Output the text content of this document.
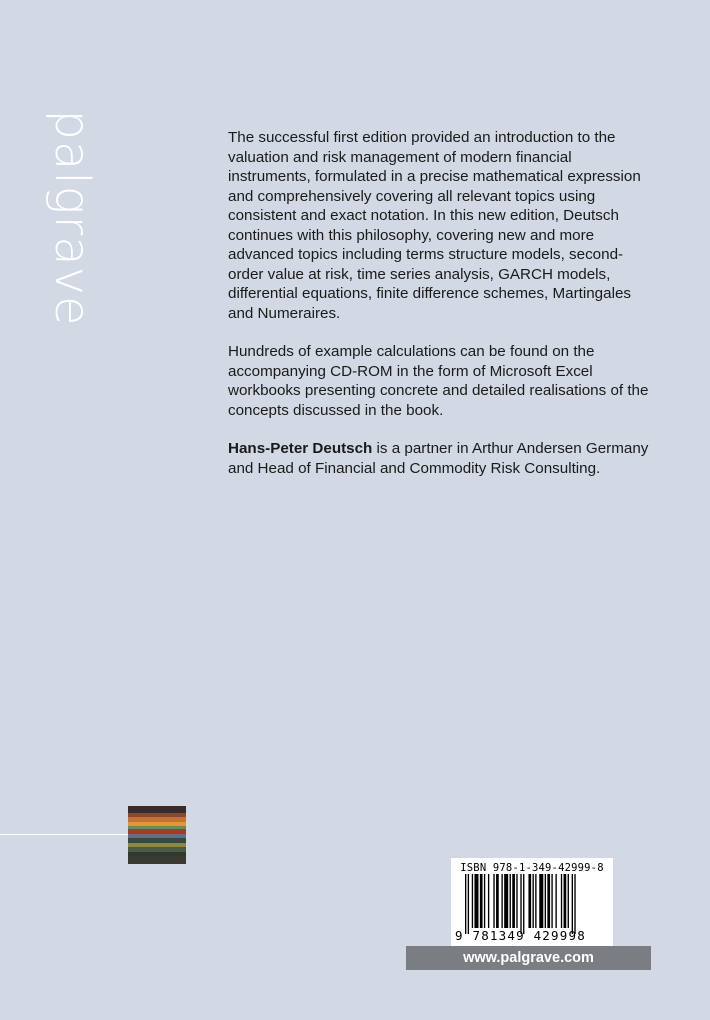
palgrave	The successful first edition provided an introduction to the valuation and risk management of modern financial instruments, formulated in a precise mathematical expression and comprehensively covering all relevant topics using consistent and exact notation. In this new edition, Deutsch continues with this philosophy, covering new and more advanced topics including terms structure models, second-order value at risk, time series analysis, GARCH models, differential equations, finite difference schemes, Martingales and Numeraires.

Hundreds of example calculations can be found on the accompanying CD-ROM in the form of Microsoft Excel workbooks presenting concrete and detailed realisations of the concepts discussed in the book.

Hans-Peter Deutsch is a partner in Arthur Andersen Germany and Head of Financial and Commodity Risk Consulting.

ISBN 978-1-349-42999-8
9 781349 429998
www.palgrave.com
